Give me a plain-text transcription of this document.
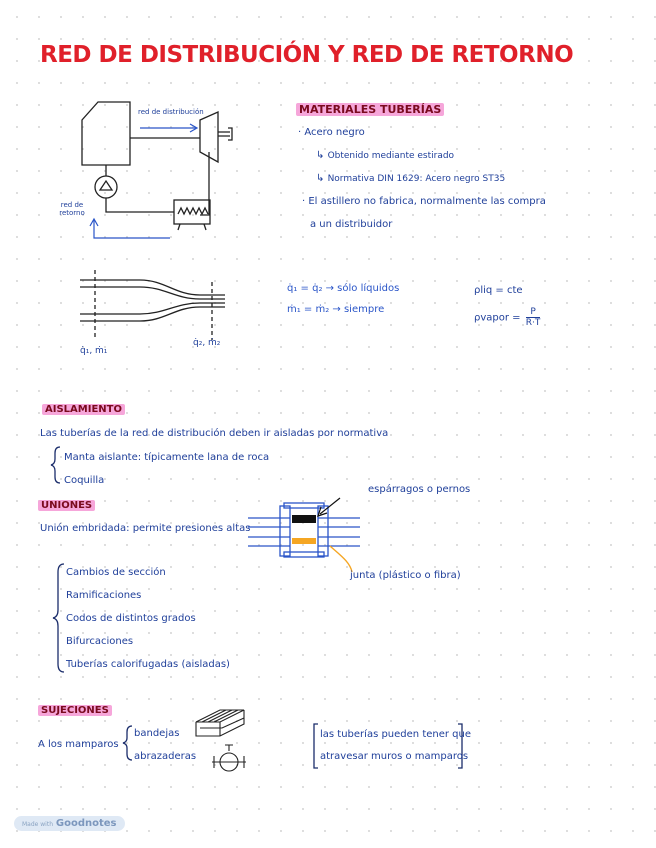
RED DE DISTRIBUCIÓN Y RED DE RETORNO
red de distribución
red de retorno
MATERIALES TUBERÍAS
· Acero negro
↳ Obtenido mediante estirado
↳ Normativa DIN 1629: Acero negro ST35
· El astillero no fabrica, normalmente las compra
a un distribuidor
q̇₁, ṁ₁
q̇₂, ṁ₂
q̇₁ = q̇₂ → sólo líquidos
ṁ₁ = ṁ₂ → siempre
ρliq = cte
ρvapor = $\frac{P}{R\cdot T}$
AISLAMIENTO
Las tuberías de la red de distribución deben ir aisladas por normativa
Manta aislante: típicamente lana de roca
Coquilla
UNIONES
Unión embridada: permite presiones altas
espárragos o pernos
junta (plástico o fibra)
Cambios de sección
Ramificaciones
Codos de distintos grados
Bifurcaciones
Tuberías calorifugadas (aisladas)
SUJECIONES
A los mamparos
bandejas
abrazaderas
las tuberías pueden tener que
atravesar muros o mamparos
Made with Goodnotes
